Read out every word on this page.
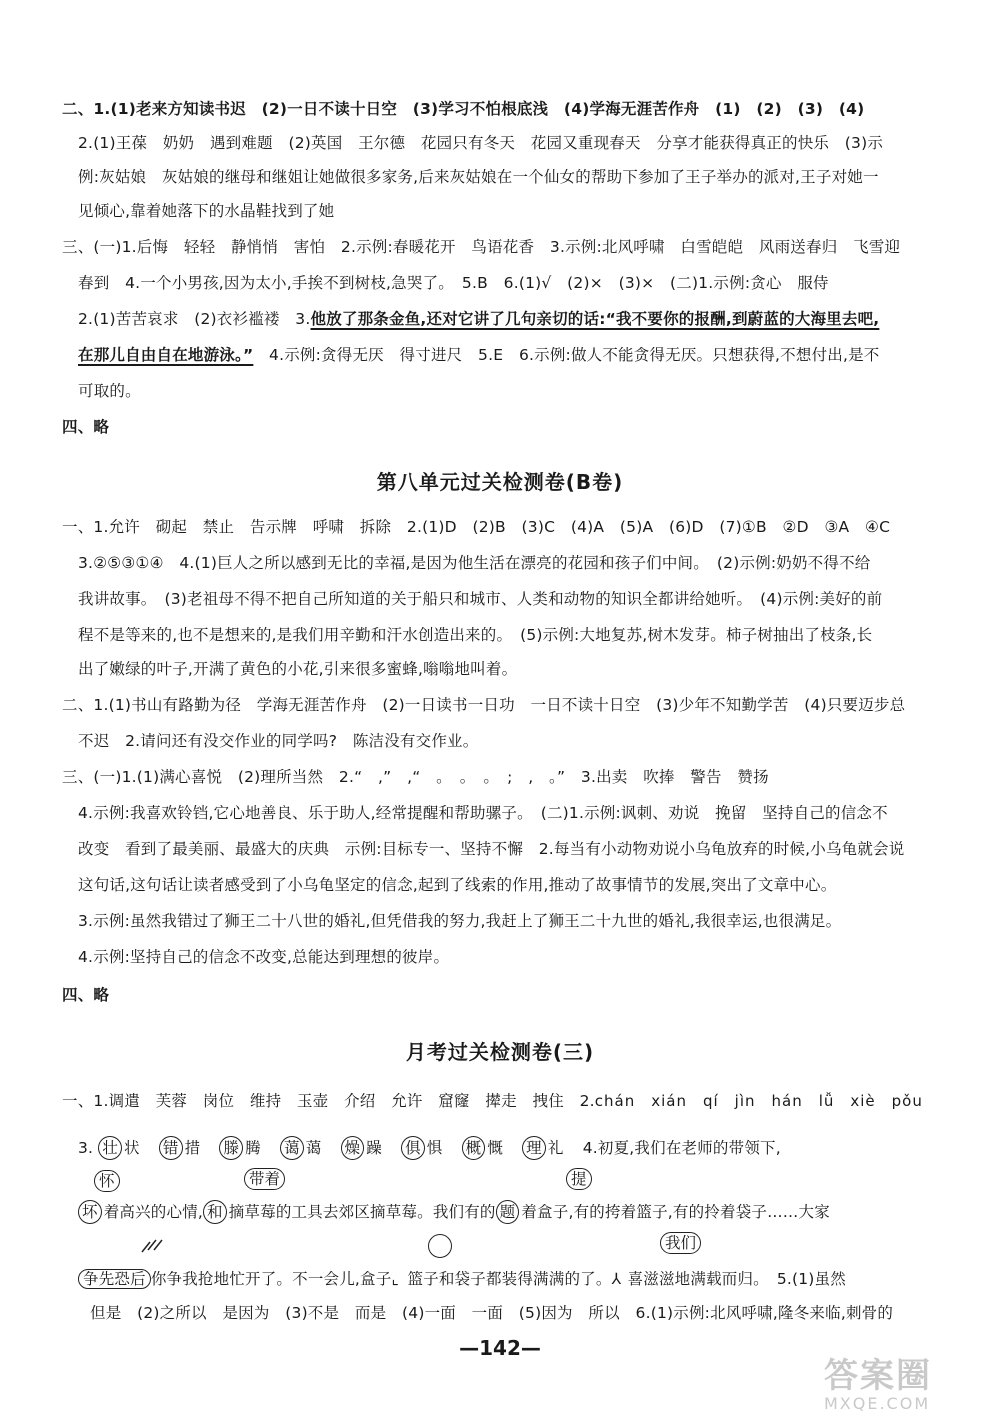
二、1.(1)老来方知读书迟　(2)一日不读十日空　(3)学习不怕根底浅　(4)学海无涯苦作舟　(1)　(2)　(3)　(4)
2.(1)王葆　奶奶　遇到难题　(2)英国　王尔德　花园只有冬天　花园又重现春天　分享才能获得真正的快乐　(3)示
例:灰姑娘　灰姑娘的继母和继姐让她做很多家务,后来灰姑娘在一个仙女的帮助下参加了王子举办的派对,王子对她一
见倾心,靠着她落下的水晶鞋找到了她
三、(一)1.后悔　轻轻　静悄悄　害怕　2.示例:春暖花开　鸟语花香　3.示例:北风呼啸　白雪皑皑　风雨送春归　飞雪迎
春到　4.一个小男孩,因为太小,手挨不到树枝,急哭了。　5.B　6.(1)√　(2)×　(3)×　(二)1.示例:贪心　服侍
2.(1)苦苦哀求　(2)衣衫褴褛　3.他放了那条金鱼,还对它讲了几句亲切的话:“我不要你的报酬,到蔚蓝的大海里去吧,
在那儿自由自在地游泳。”　 4.示例:贪得无厌　得寸进尺　5.E　6.示例:做人不能贪得无厌。只想获得,不想付出,是不
可取的。
四、略
第八单元过关检测卷(B卷)
一、1.允许　砌起　禁止　告示牌　呼啸　拆除　2.(1)D　(2)B　(3)C　(4)A　(5)A　(6)D　(7)①B　②D　③A　④C
3.②⑤③①④　4.(1)巨人之所以感到无比的幸福,是因为他生活在漂亮的花园和孩子们中间。　(2)示例:奶奶不得不给
我讲故事。　(3)老祖母不得不把自己所知道的关于船只和城市、人类和动物的知识全都讲给她听。　(4)示例:美好的前
程不是等来的,也不是想来的,是我们用辛勤和汗水创造出来的。　(5)示例:大地复苏,树木发芽。柿子树抽出了枝条,长
出了嫩绿的叶子,开满了黄色的小花,引来很多蜜蜂,嗡嗡地叫着。
二、1.(1)书山有路勤为径　学海无涯苦作舟　(2)一日读书一日功　一日不读十日空　(3)少年不知勤学苦　(4)只要迈步总
不迟　2.请问还有没交作业的同学吗?　陈洁没有交作业。
三、(一)1.(1)满心喜悦　(2)理所当然　2.“　,”　,“　。　。　。　;　,　。”　3.出卖　吹捧　警告　赞扬
4.示例:我喜欢铃铛,它心地善良、乐于助人,经常提醒和帮助骡子。　(二)1.示例:讽刺、劝说　挽留　坚持自己的信念不
改变　看到了最美丽、最盛大的庆典　示例:目标专一、坚持不懈　2.每当有小动物劝说小乌龟放弃的时候,小乌龟就会说
这句话,这句话让读者感受到了小乌龟坚定的信念,起到了线索的作用,推动了故事情节的发展,突出了文章中心。
3.示例:虽然我错过了狮王二十八世的婚礼,但凭借我的努力,我赶上了狮王二十九世的婚礼,我很幸运,也很满足。
4.示例:坚持自己的信念不改变,总能达到理想的彼岸。
四、略
月考过关检测卷(三)
一、1.调遣　芙蓉　岗位　维持　玉壶　介绍　允许　窟窿　撵走　拽住　2.chán　xián　qí　jìn　hán　lǚ　xiè　pǒu
3. 壮 状 错 措 滕 腾 蔼 蔼 燥 躁 俱 惧 概 慨 理 礼 4.初夏,我们在老师的带领下,
怀	带着	提
坏 着高兴的心情, 和 摘草莓的工具去郊区摘草莓。我们有的 题 着盒子,有的挎着篮子,有的拎着袋子……大家
我们
争先恐后 你争我抢地忙开了。不一会儿,盒子⌞ 篮子和袋子都装得满满的了。⅄ 喜滋滋地满载而归。　5.(1)虽然
但是　(2)之所以　是因为　(3)不是　而是　(4)一面　一面　(5)因为　所以　6.(1)示例:北风呼啸,隆冬来临,刺骨的
—142—
答案圈
MXQE.COM
